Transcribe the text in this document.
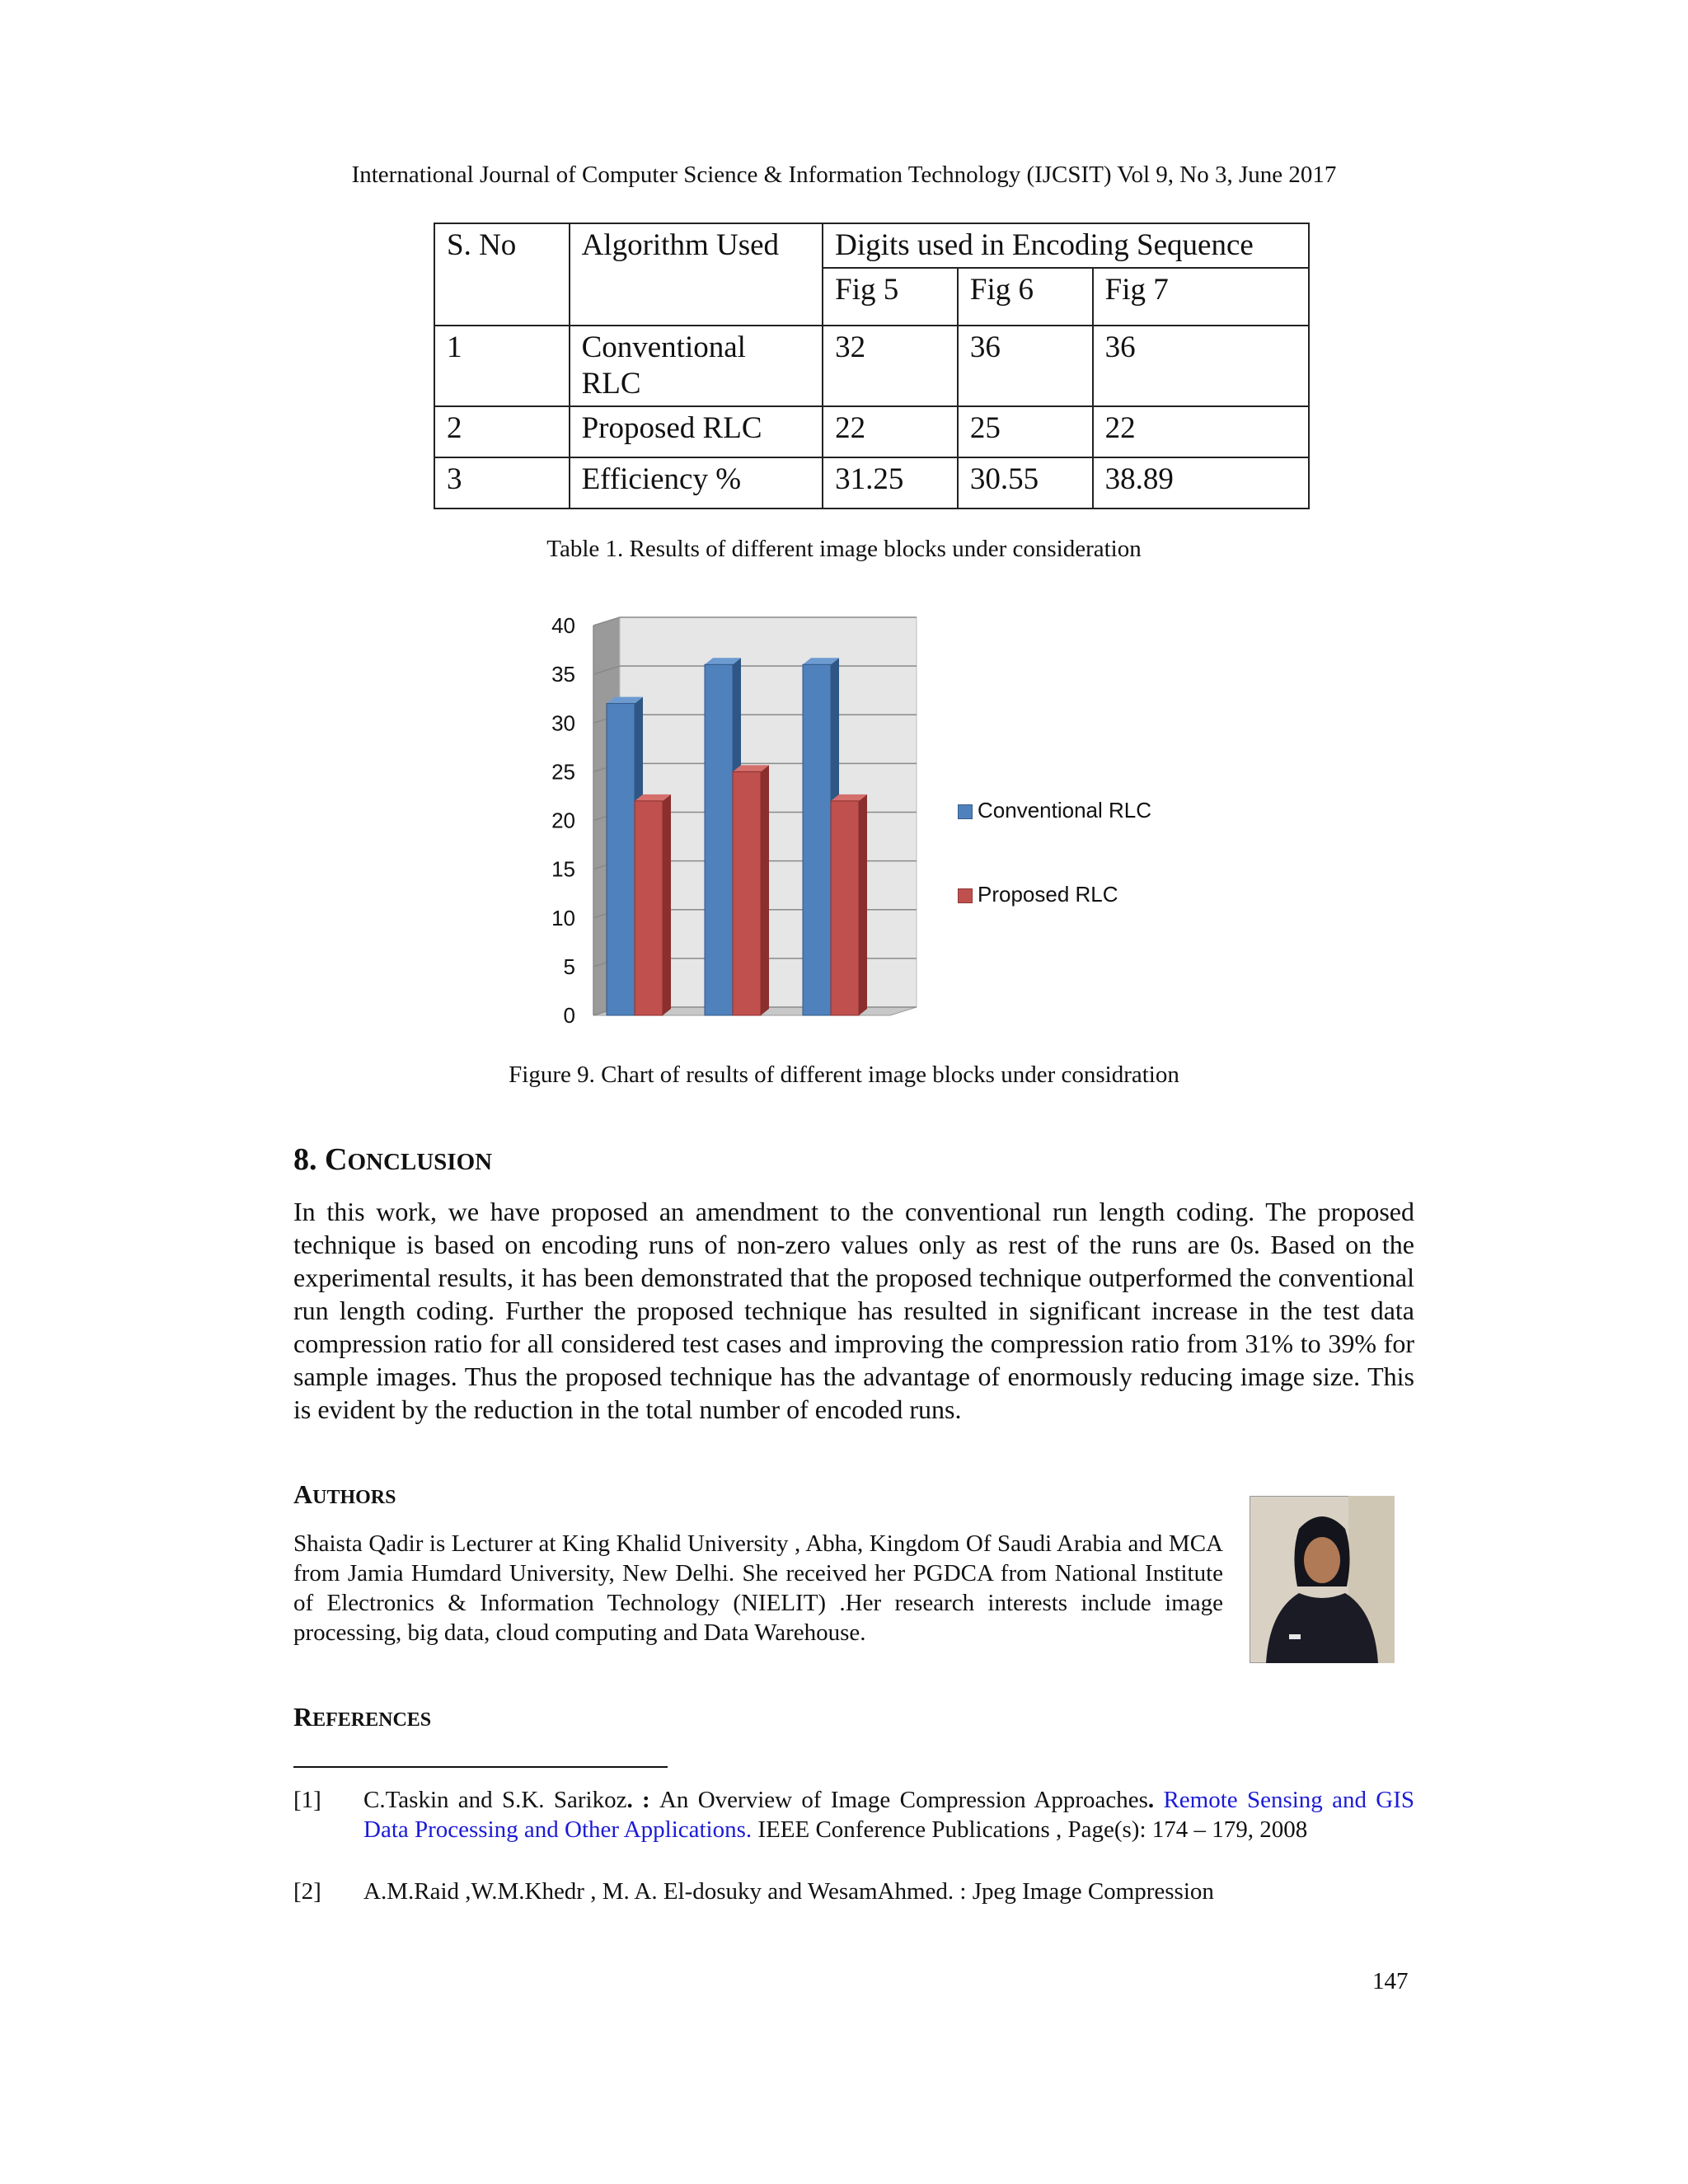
International Journal of Computer Science & Information Technology (IJCSIT) Vol 9, No 3, June 2017
S. No	Algorithm Used	Digits used in Encoding Sequence		
		Fig 5	Fig 6	Fig 7
1	Conventional RLC	32	36	36
2	Proposed RLC	22	25	22
3	Efficiency %	31.25	30.55	38.89
Table 1. Results of different image blocks under consideration
0
5
10
15
20
25
30
35
40
Conventional RLC
Proposed RLC
Figure 9. Chart of results of different image blocks under considration
8. CONCLUSION
In this work, we have proposed an amendment to the conventional run length coding. The proposed technique is based on encoding runs of non-zero values only as rest of the runs are 0s. Based on the experimental results, it has been demonstrated that the proposed technique outperformed the conventional run length coding. Further the proposed technique has resulted in significant increase in the test data compression ratio for all considered test cases and improving the compression ratio from 31% to 39% for sample images. Thus the proposed technique has the advantage of enormously reducing image size. This is evident by the reduction in the total number of encoded runs.
AUTHORS
Shaista Qadir is Lecturer at King Khalid University , Abha, Kingdom Of Saudi Arabia and MCA from Jamia Humdard University, New Delhi. She received her PGDCA from National Institute of Electronics & Information Technology (NIELIT) .Her research interests include image processing, big data, cloud computing and Data Warehouse.
REFERENCES
[1] C.Taskin and S.K. Sarikoz. : An Overview of Image Compression Approaches. Remote Sensing and GIS Data Processing and Other Applications. IEEE Conference Publications , Page(s): 174 – 179, 2008
[2] A.M.Raid ,W.M.Khedr , M. A. El-dosuky and WesamAhmed. : Jpeg Image Compression
147
